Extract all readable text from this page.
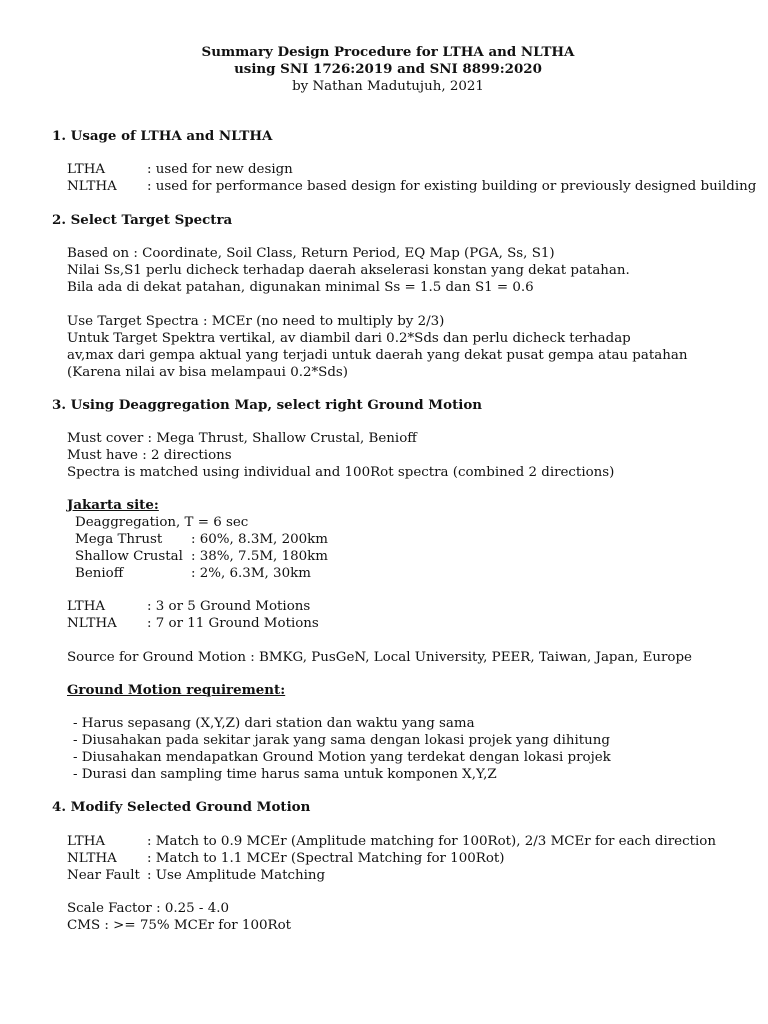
Summary Design Procedure for LTHA and NLTHA
using SNI 1726:2019 and SNI 8899:2020
by Nathan Madutujuh, 2021
1. Usage of LTHA and NLTHA
LTHA	: used for new design
NLTHA : used for performance based design for existing building or previously designed building
2. Select Target Spectra
Based on : Coordinate, Soil Class, Return Period, EQ Map (PGA, Ss, S1)
Nilai Ss,S1 perlu dicheck terhadap daerah akselerasi konstan yang dekat patahan.
Bila ada di dekat patahan, digunakan minimal Ss = 1.5 dan S1 = 0.6
Use Target Spectra : MCEr (no need to multiply by 2/3)
Untuk Target Spektra vertikal, av diambil dari 0.2*Sds dan perlu dicheck terhadap
av,max dari gempa aktual yang terjadi untuk daerah yang dekat pusat gempa atau patahan
(Karena nilai av bisa melampaui 0.2*Sds)
3. Using Deaggregation Map, select right Ground Motion
Must cover : Mega Thrust, Shallow Crustal, Benioff
Must have : 2 directions
Spectra is matched using individual and 100Rot spectra (combined 2 directions)
Jakarta site:
Deaggregation, T = 6 sec
Mega Thrust : 60%, 8.3M, 200km
Shallow Crustal : 38%, 7.5M, 180km
Benioff	: 2%, 6.3M, 30km
LTHA	: 3 or 5 Ground Motions
NLTHA : 7 or 11 Ground Motions
Source for Ground Motion : BMKG, PusGeN, Local University, PEER, Taiwan, Japan, Europe
Ground Motion requirement:
- Harus sepasang (X,Y,Z) dari station dan waktu yang sama
- Diusahakan pada sekitar jarak yang sama dengan lokasi projek yang dihitung
- Diusahakan mendapatkan Ground Motion yang terdekat dengan lokasi projek
- Durasi dan sampling time harus sama untuk komponen X,Y,Z
4. Modify Selected Ground Motion
LTHA	: Match to 0.9 MCEr (Amplitude matching for 100Rot), 2/3 MCEr for each direction
NLTHA : Match to 1.1 MCEr (Spectral Matching for 100Rot)
Near Fault : Use Amplitude Matching
Scale Factor : 0.25 - 4.0
CMS : >= 75% MCEr for 100Rot
